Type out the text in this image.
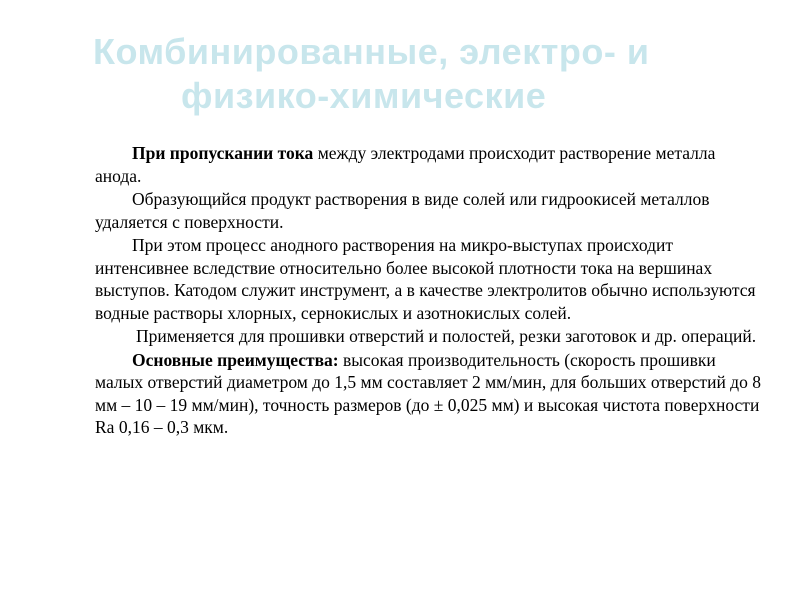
Комбинированные, электро- и
физико-химические

При пропускании тока между электродами происходит растворение металла анода.

Образующийся продукт растворения в виде солей или гидроокисей металлов удаляется с поверхности.

При этом процесс анодного растворения на микро-выступах происходит интенсивнее вследствие относительно более высокой плотности тока на вершинах выступов. Катодом служит инструмент, а в качестве электролитов обычно используются водные растворы хлорных, сернокислых и азотнокислых солей.

Применяется для прошивки отверстий и полостей, резки заготовок и др. операций.

Основные преимущества: высокая производительность (скорость прошивки малых отверстий диаметром до 1,5 мм составляет 2 мм/мин, для больших отверстий до 8 мм – 10 – 19 мм/мин), точность размеров (до ± 0,025 мм) и высокая чистота поверхности Ra 0,16 – 0,3 мкм.
